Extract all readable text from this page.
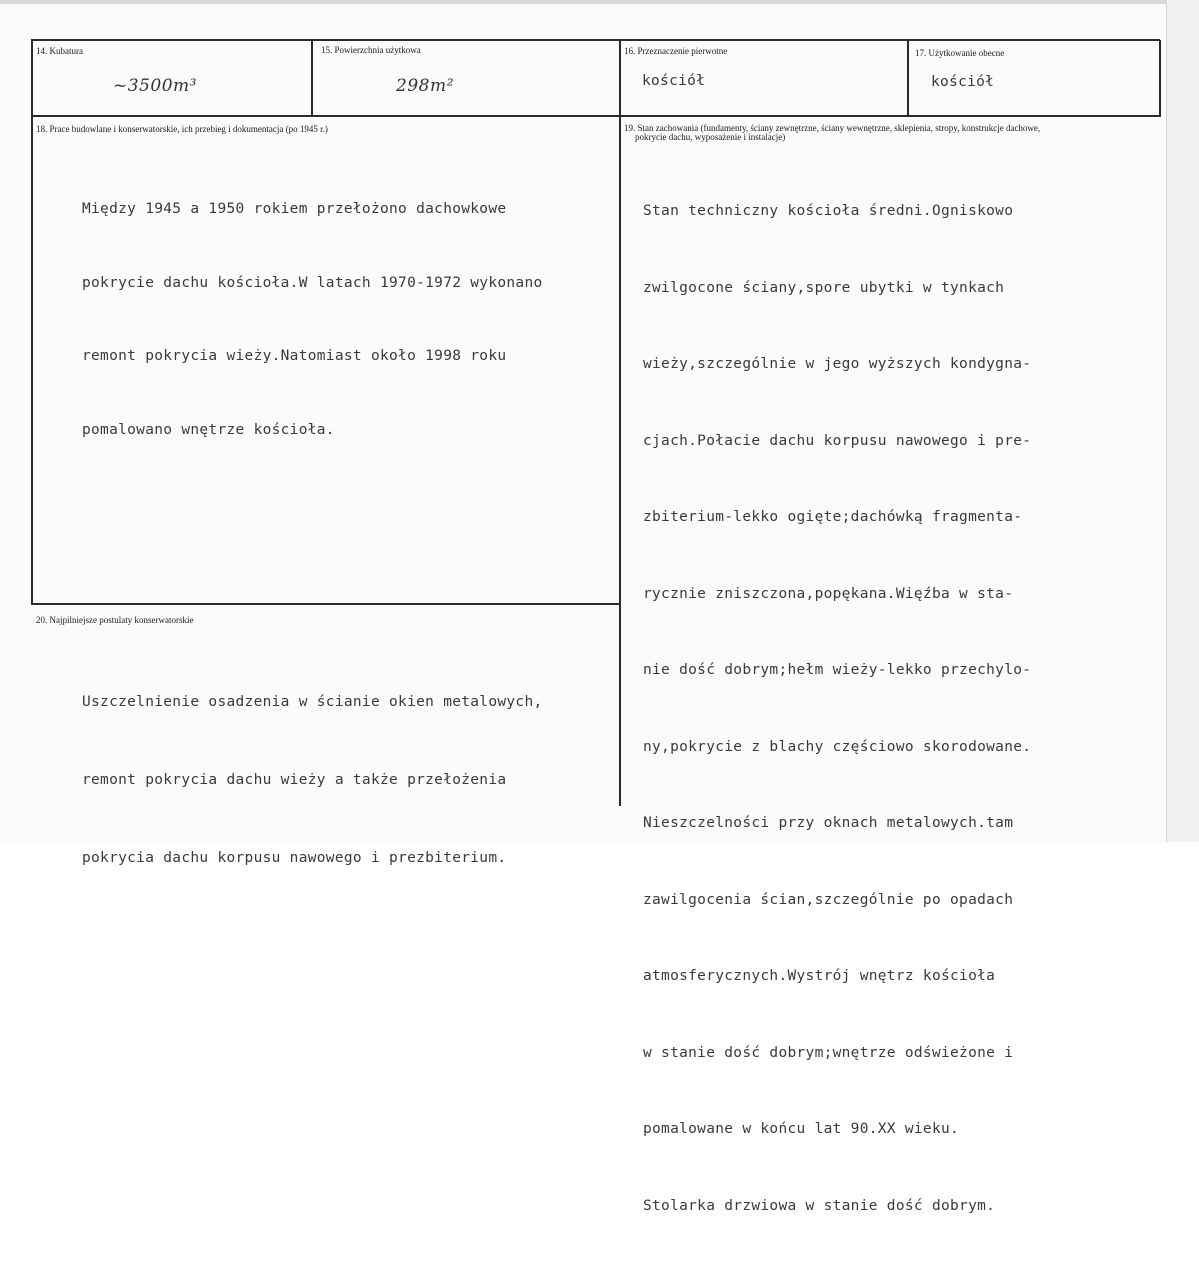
14. Kubatura
~3500m³
15. Powierzchnia użytkowa
298m²
16. Przeznaczenie pierwotne
kościół
17. Użytkowanie obecne
kościół
18. Prace budowlane i konserwatorskie, ich przebieg i dokumentacja (po 1945 r.)

Między 1945 a 1950 rokiem przełożono dachowkowe

pokrycie dachu kościoła.W latach 1970-1972 wykonano

remont pokrycia wieży.Natomiast około 1998 roku

pomalowano wnętrze kościoła.

19. Stan zachowania (fundamenty, ściany zewnętrzne, ściany wewnętrzne, sklepienia, stropy, konstrukcje dachowe,
pokrycie dachu, wyposażenie i instalacje)

Stan techniczny kościoła średni.Ogniskowo

zwilgocone ściany,spore ubytki w tynkach

wieży,szczególnie w jego wyższych kondygna-

cjach.Połacie dachu korpusu nawowego i pre-

zbiterium-lekko ogięte;dachówką fragmenta-

rycznie zniszczona,popękana.Więźba w sta-

nie dość dobrym;hełm wieży-lekko przechylo-

ny,pokrycie z blachy częściowo skorodowane.

Nieszczelności przy oknach metalowych.tam

zawilgocenia ścian,szczególnie po opadach

atmosferycznych.Wystrój wnętrz kościoła

w stanie dość dobrym;wnętrze odświeżone i

pomalowane w końcu lat 90.XX wieku.

Stolarka drzwiowa w stanie dość dobrym.

20. Najpilniejsze postulaty konserwatorskie

Uszczelnienie osadzenia w ścianie okien metalowych,

remont pokrycia dachu wieży a także przełożenia

pokrycia dachu korpusu nawowego i prezbiterium.
